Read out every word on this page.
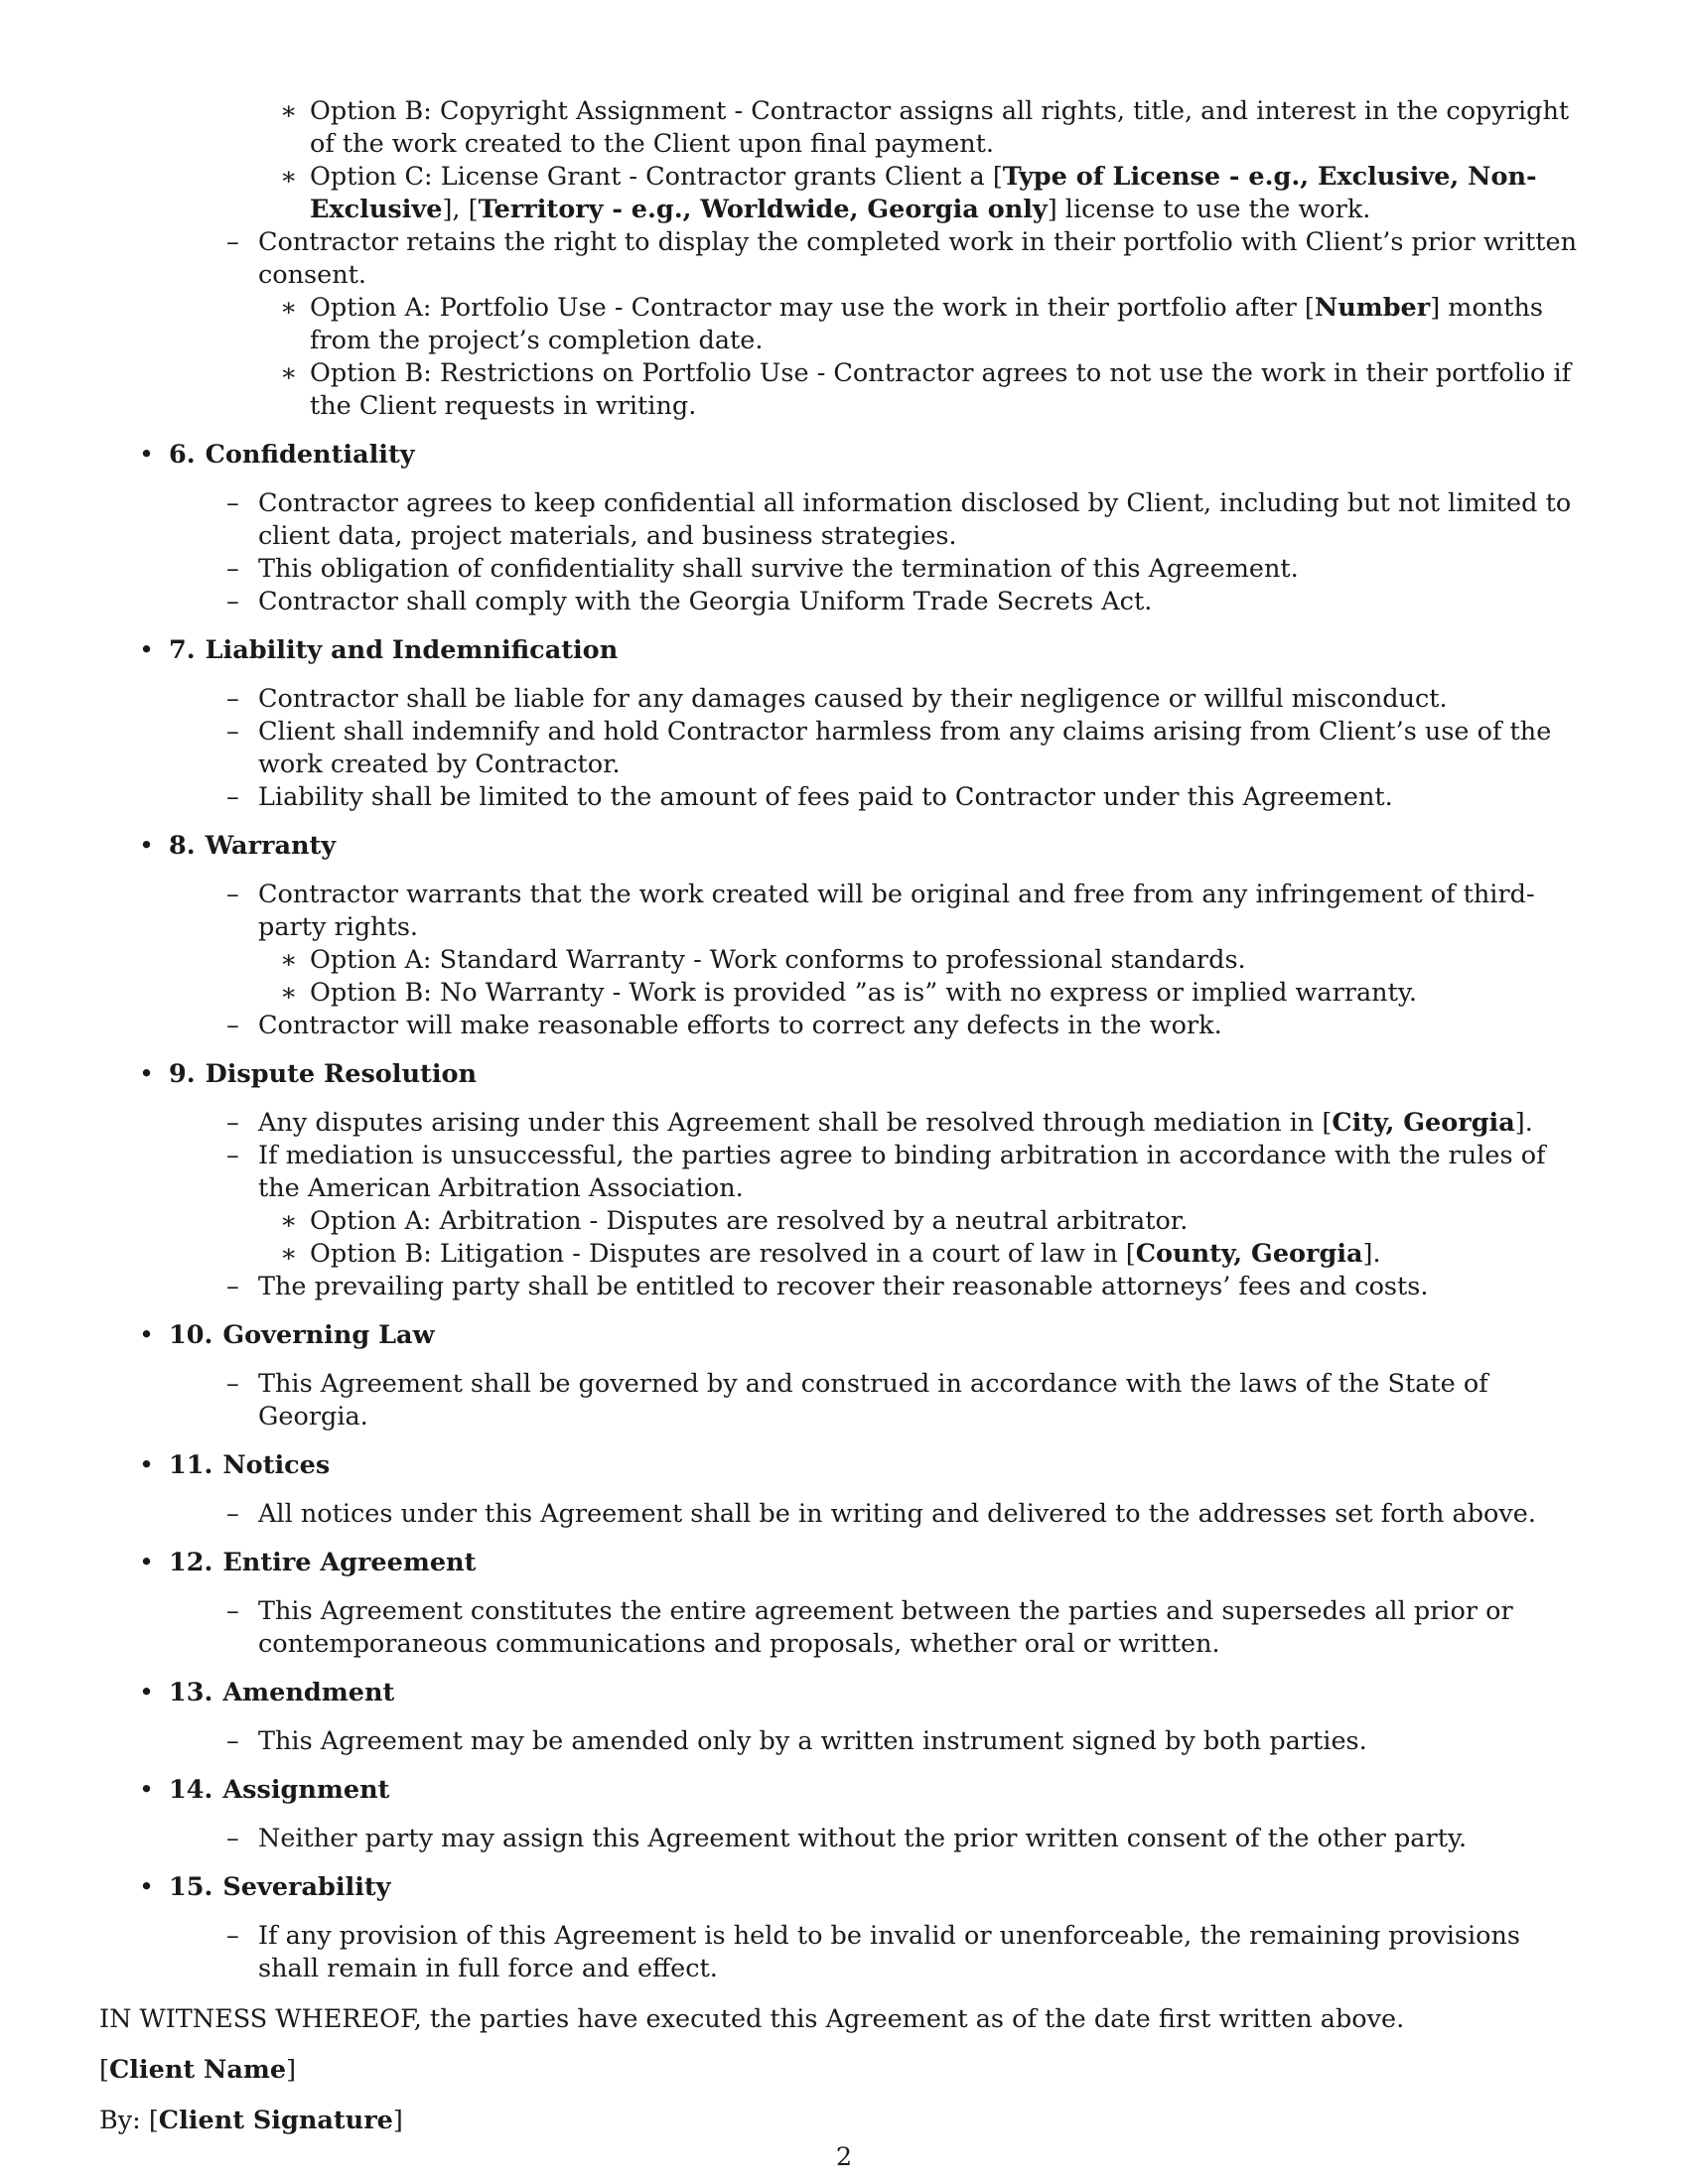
∗ Option B: Copyright Assignment - Contractor assigns all rights, title, and interest in the copyright of the work created to the Client upon final payment.
∗ Option C: License Grant - Contractor grants Client a [Type of License - e.g., Exclusive, Non-Exclusive], [Territory - e.g., Worldwide, Georgia only] license to use the work.
– Contractor retains the right to display the completed work in their portfolio with Client’s prior written consent.
∗ Option A: Portfolio Use - Contractor may use the work in their portfolio after [Number] months from the project’s completion date.
∗ Option B: Restrictions on Portfolio Use - Contractor agrees to not use the work in their portfolio if the Client requests in writing.
• 6. Confidentiality
– Contractor agrees to keep confidential all information disclosed by Client, including but not limited to client data, project materials, and business strategies.
– This obligation of confidentiality shall survive the termination of this Agreement.
– Contractor shall comply with the Georgia Uniform Trade Secrets Act.
• 7. Liability and Indemnification
– Contractor shall be liable for any damages caused by their negligence or willful misconduct.
– Client shall indemnify and hold Contractor harmless from any claims arising from Client’s use of the work created by Contractor.
– Liability shall be limited to the amount of fees paid to Contractor under this Agreement.
• 8. Warranty
– Contractor warrants that the work created will be original and free from any infringement of third-party rights.
∗ Option A: Standard Warranty - Work conforms to professional standards.
∗ Option B: No Warranty - Work is provided ”as is” with no express or implied warranty.
– Contractor will make reasonable efforts to correct any defects in the work.
• 9. Dispute Resolution
– Any disputes arising under this Agreement shall be resolved through mediation in [City, Georgia].
– If mediation is unsuccessful, the parties agree to binding arbitration in accordance with the rules of the American Arbitration Association.
∗ Option A: Arbitration - Disputes are resolved by a neutral arbitrator.
∗ Option B: Litigation - Disputes are resolved in a court of law in [County, Georgia].
– The prevailing party shall be entitled to recover their reasonable attorneys’ fees and costs.
• 10. Governing Law
– This Agreement shall be governed by and construed in accordance with the laws of the State of Georgia.
• 11. Notices
– All notices under this Agreement shall be in writing and delivered to the addresses set forth above.
• 12. Entire Agreement
– This Agreement constitutes the entire agreement between the parties and supersedes all prior or contemporaneous communications and proposals, whether oral or written.
• 13. Amendment
– This Agreement may be amended only by a written instrument signed by both parties.
• 14. Assignment
– Neither party may assign this Agreement without the prior written consent of the other party.
• 15. Severability
– If any provision of this Agreement is held to be invalid or unenforceable, the remaining provisions shall remain in full force and effect.
IN WITNESS WHEREOF, the parties have executed this Agreement as of the date first written above.
[Client Name]
By: [Client Signature]
2
